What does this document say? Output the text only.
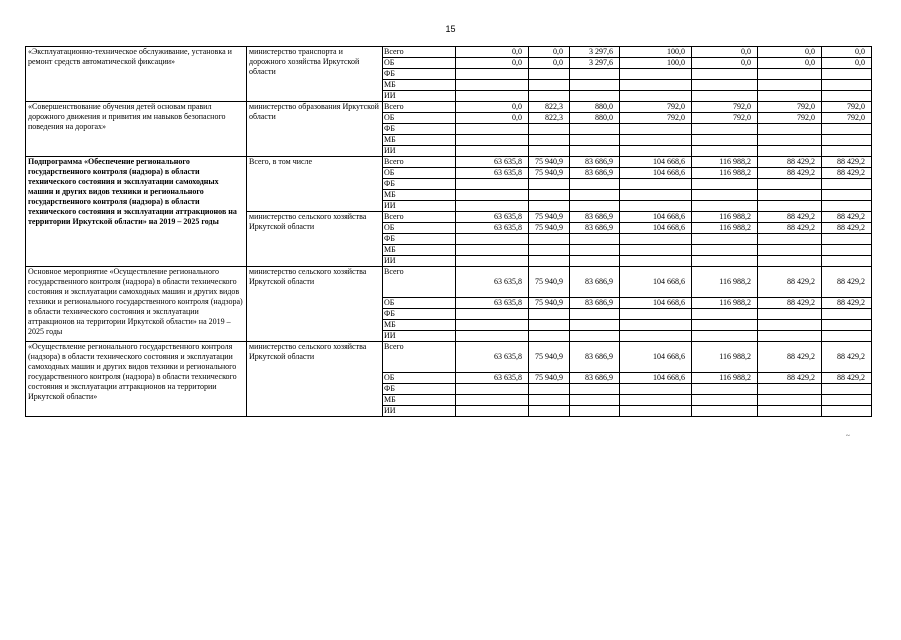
15
«Эксплуатационно-техническое обслуживание, установка и ремонт средств автоматической фиксации»	министерство транспорта и дорожного хозяйства Иркутской области	Всего	0,0	0,0	3 297,6	100,0	0,0	0,0	0,0
		ОБ	0,0	0,0	3 297,6	100,0	0,0	0,0	0,0
		ФБ							
		МБ							
		ИИ							
«Совершенствование обучения детей основам правил дорожного движения и привития им навыков безопасного поведения на дорогах»	министерство образования Иркутской области	Всего	0,0	822,3	880,0	792,0	792,0	792,0	792,0
		ОБ	0,0	822,3	880,0	792,0	792,0	792,0	792,0
		ФБ							
		МБ							
		ИИ							
Подпрограмма «Обеспечение регионального государственного контроля (надзора) в области технического состояния и эксплуатации самоходных машин и других видов техники и регионального государственного контроля (надзора) в области технического состояния и эксплуатации аттракционов на территории Иркутской области» на 2019 – 2025 годы	Всего, в том числе	Всего	63 635,8	75 940,9	83 686,9	104 668,6	116 988,2	88 429,2	88 429,2
		ОБ	63 635,8	75 940,9	83 686,9	104 668,6	116 988,2	88 429,2	88 429,2
		ФБ							
		МБ							
		ИИ							
	министерство сельского хозяйства Иркутской области	Всего	63 635,8	75 940,9	83 686,9	104 668,6	116 988,2	88 429,2	88 429,2
		ОБ	63 635,8	75 940,9	83 686,9	104 668,6	116 988,2	88 429,2	88 429,2
		ФБ							
		МБ							
		ИИ							
Основное мероприятие «Осуществление регионального государственного контроля (надзора) в области технического состояния и эксплуатации самоходных машин и других видов техники и регионального государственного контроля (надзора) в области технического состояния и эксплуатации аттракционов на территории Иркутской области» на 2019 – 2025 годы	министерство сельского хозяйства Иркутской области	Всего	63 635,8	75 940,9	83 686,9	104 668,6	116 988,2	88 429,2	88 429,2
		ОБ	63 635,8	75 940,9	83 686,9	104 668,6	116 988,2	88 429,2	88 429,2
		ФБ							
		МБ							
		ИИ							
«Осуществление регионального государственного контроля (надзора) в области технического состояния и эксплуатации самоходных машин и других видов техники и регионального государственного контроля (надзора) в области технического состояния и эксплуатации аттракционов на территории Иркутской области»	министерство сельского хозяйства Иркутской области	Всего	63 635,8	75 940,9	83 686,9	104 668,6	116 988,2	88 429,2	88 429,2
		ОБ	63 635,8	75 940,9	83 686,9	104 668,6	116 988,2	88 429,2	88 429,2
		ФБ							
		МБ							
		ИИ							
~
